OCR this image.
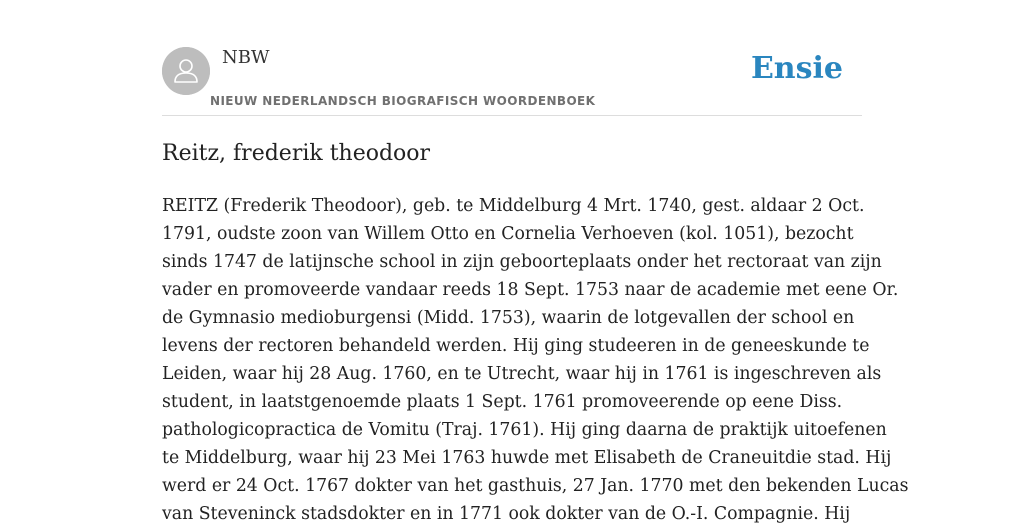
NBW
NIEUW NEDERLANDSCH BIOGRAFISCH WOORDENBOEK
Ensie
Reitz, frederik theodoor

REITZ (Frederik Theodoor), geb. te Middelburg 4 Mrt. 1740, gest. aldaar 2 Oct.
1791, oudste zoon van Willem Otto en Cornelia Verhoeven (kol. 1051), bezocht
sinds 1747 de latijnsche school in zijn geboorteplaats onder het rectoraat van zijn
vader en promoveerde vandaar reeds 18 Sept. 1753 naar de academie met eene Or.
de Gymnasio medioburgensi (Midd. 1753), waarin de lotgevallen der school en
levens der rectoren behandeld werden. Hij ging studeeren in de geneeskunde te
Leiden, waar hij 28 Aug. 1760, en te Utrecht, waar hij in 1761 is ingeschreven als
student, in laatstgenoemde plaats 1 Sept. 1761 promoveerende op eene Diss.
pathologicopractica de Vomitu (Traj. 1761). Hij ging daarna de praktijk uitoefenen
te Middelburg, waar hij 23 Mei 1763 huwde met Elisabeth de Craneuitdie stad. Hij
werd er 24 Oct. 1767 dokter van het gasthuis, 27 Jan. 1770 met den bekenden Lucas
van Steveninck stadsdokter en in 1771 ook dokter van de O.-I. Compagnie. Hij
